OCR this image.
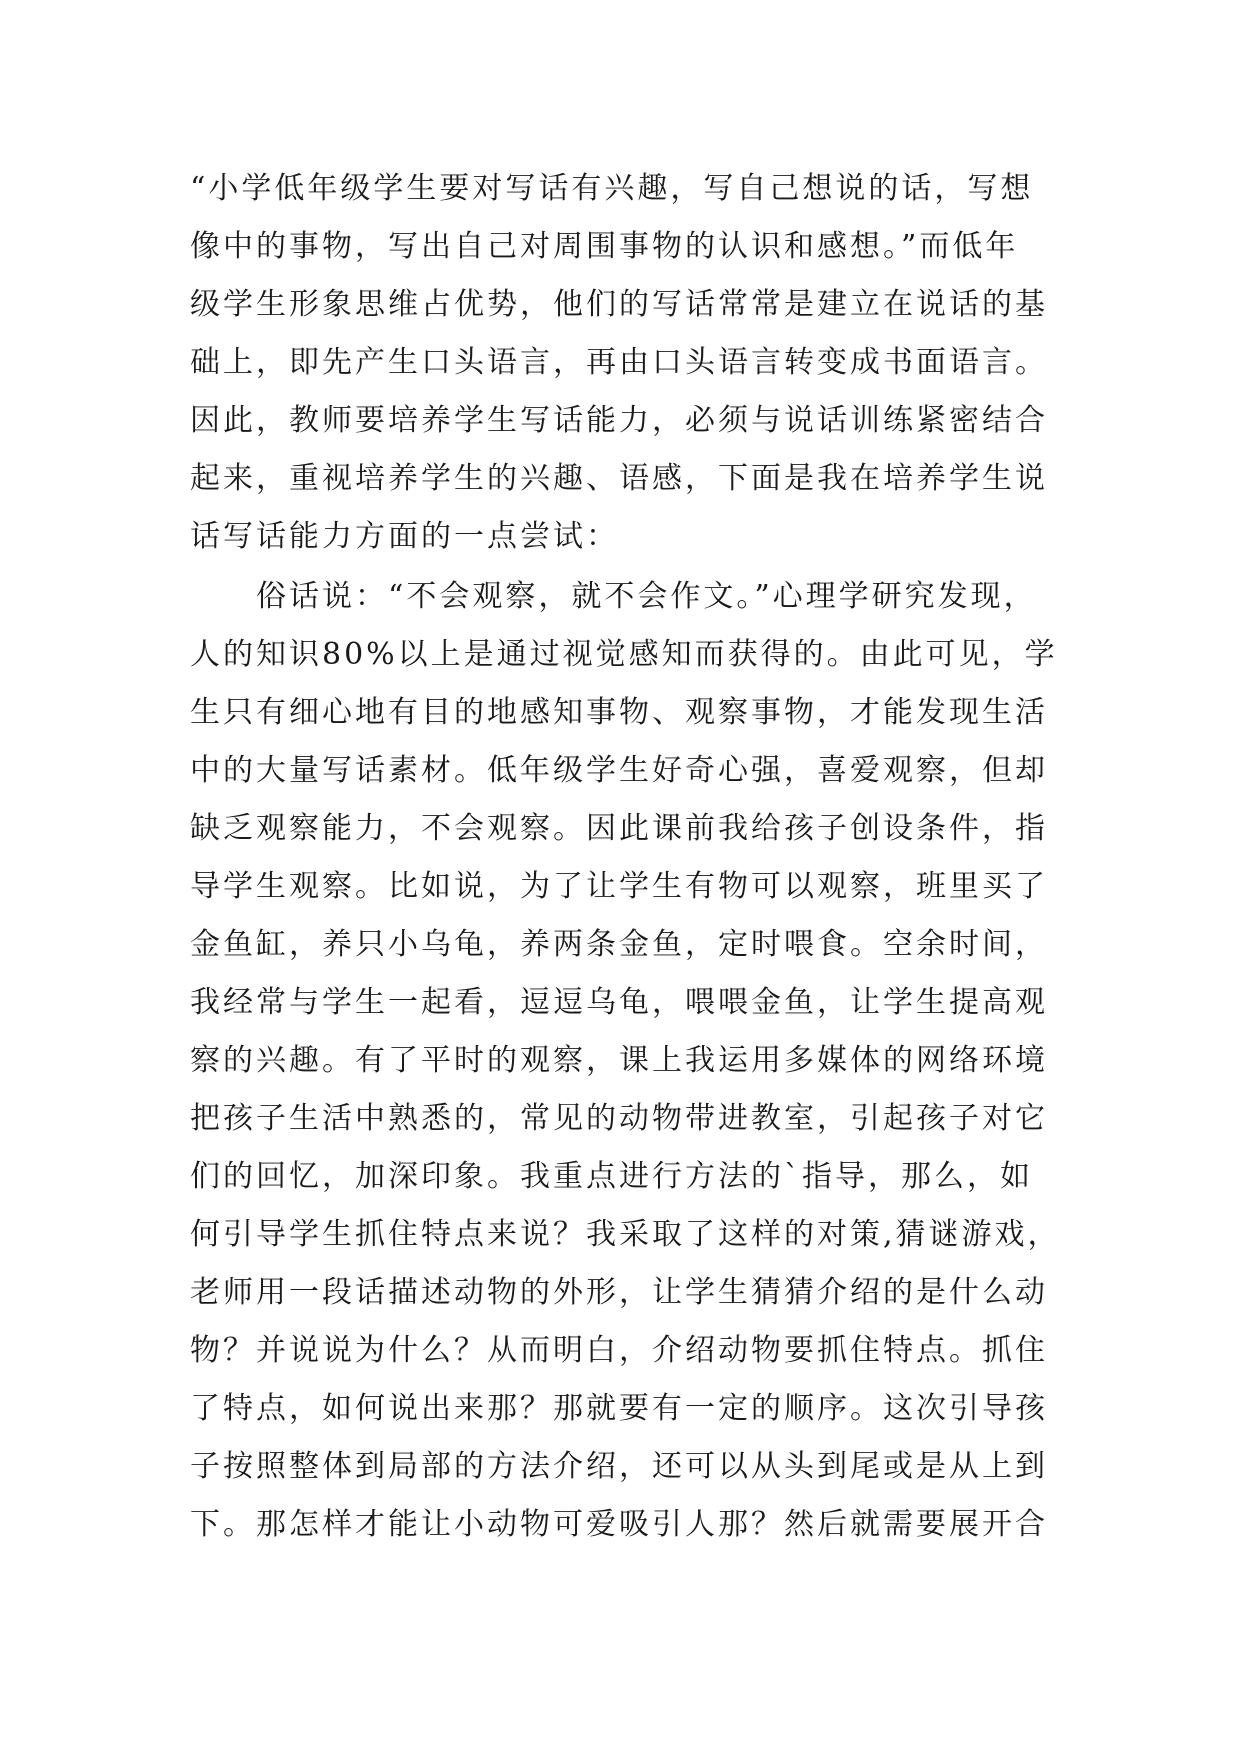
“小学低年级学生要对写话有兴趣，写自己想说的话，写想
像中的事物，写出自己对周围事物的认识和感想。”而低年
级学生形象思维占优势，他们的写话常常是建立在说话的基
础上，即先产生口头语言，再由口头语言转变成书面语言。
因此，教师要培养学生写话能力，必须与说话训练紧密结合
起来，重视培养学生的兴趣、语感，下面是我在培养学生说
话写话能力方面的一点尝试：
　　俗话说：“不会观察，就不会作文。”心理学研究发现，
人的知识80%以上是通过视觉感知而获得的。由此可见，学
生只有细心地有目的地感知事物、观察事物，才能发现生活
中的大量写话素材。低年级学生好奇心强，喜爱观察，但却
缺乏观察能力，不会观察。因此课前我给孩子创设条件，指
导学生观察。比如说，为了让学生有物可以观察，班里买了
金鱼缸，养只小乌龟，养两条金鱼，定时喂食。空余时间，
我经常与学生一起看，逗逗乌龟，喂喂金鱼，让学生提高观
察的兴趣。有了平时的观察，课上我运用多媒体的网络环境
把孩子生活中熟悉的，常见的动物带进教室，引起孩子对它
们的回忆，加深印象。我重点进行方法的`指导，那么，如
何引导学生抓住特点来说？我采取了这样的对策,猜谜游戏，
老师用一段话描述动物的外形，让学生猜猜介绍的是什么动
物？并说说为什么？从而明白，介绍动物要抓住特点。抓住
了特点，如何说出来那？那就要有一定的顺序。这次引导孩
子按照整体到局部的方法介绍，还可以从头到尾或是从上到
下。那怎样才能让小动物可爱吸引人那？然后就需要展开合
